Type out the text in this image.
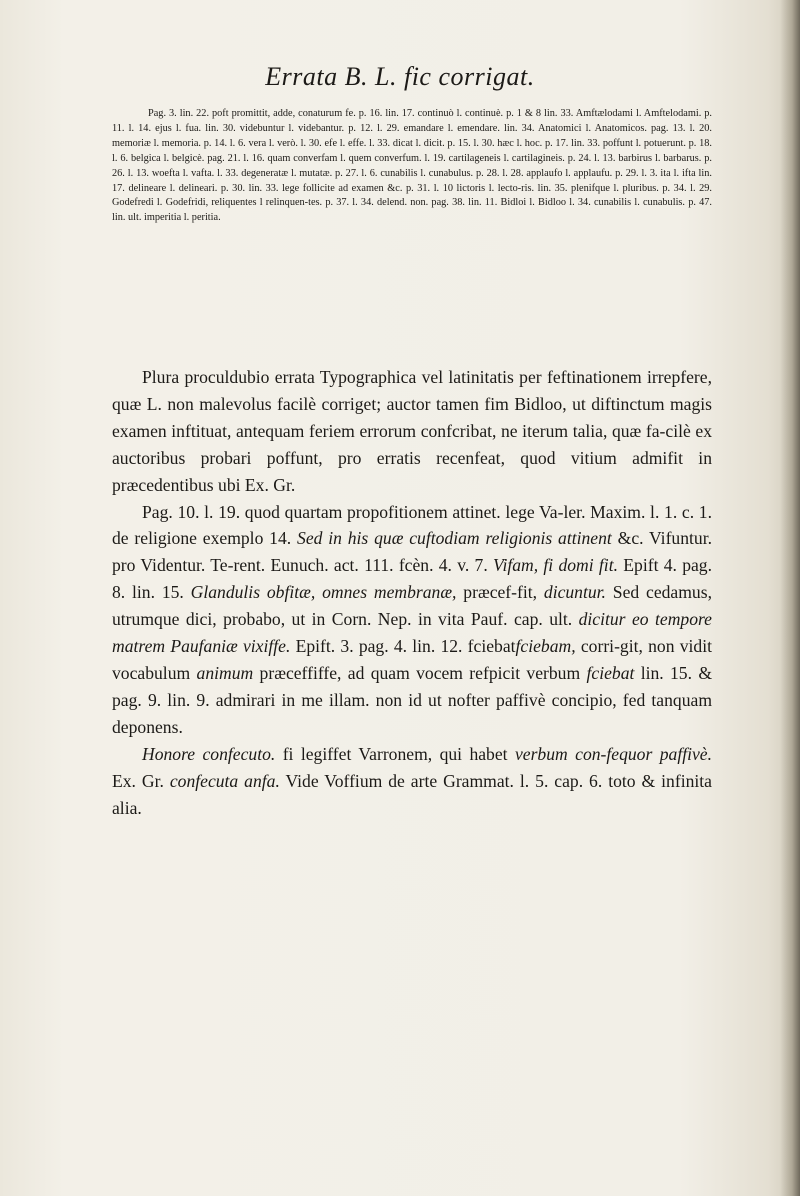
Errata B. L. fic corrigat.

Pag. 3. lin. 22. poft promittit, adde, conaturum fe. p. 16. lin. 17. continuò l. continuè. p. 1 & 8 lin. 33. Amftælodami l. Amftelodami. p. 11. l. 14. ejus l. fua. lin. 30. videbuntur l. videbantur. p. 12. l. 29. emandare l. emendare. lin. 34. Anatomici l. Anatomicos. pag. 13. l. 20. memoriæ l. memoria. p. 14. l. 6. vera l. verò. l. 30. efe l. effe. l. 33. dicat l. dicit. p. 15. l. 30. hæc l. hoc. p. 17. lin. 33. poffunt l. potuerunt. p. 18. l. 6. belgica l. belgicè. pag. 21. l. 16. quam converfam l. quem converfum. l. 19. cartilageneis l. cartilagineis. p. 24. l. 13. barbirus l. barbarus. p. 26. l. 13. woefta l. vafta. l. 33. degeneratæ l. mutatæ. p. 27. l. 6. cunabilis l. cunabulus. p. 28. l. 28. applaufo l. applaufu. p. 29. l. 3. ita l. ifta lin. 17. delineare l. delineari. p. 30. lin. 33. lege follicite ad examen &c. p. 31. l. 10 lictoris l. lecto-ris. lin. 35. plenifque l. pluribus. p. 34. l. 29. Godefredi l. Godefridi, reliquentes l relinquen-tes. p. 37. l. 34. delend. non. pag. 38. lin. 11. Bidloi l. Bidloo l. 34. cunabilis l. cunabulis. p. 47. lin. ult. imperitia l. peritia.

Plura proculdubio errata Typographica vel latinitatis per feftinationem irrepfere, quæ L. non malevolus facilè corriget; auctor tamen fim Bidloo, ut diftinctum magis examen inftituat, antequam feriem errorum confcribat, ne iterum talia, quæ fa-cilè ex auctoribus probari poffunt, pro erratis recenfeat, quod vitium admifit in præcedentibus ubi Ex. Gr.

Pag. 10. l. 19. quod quartam propofitionem attinet. lege Va-ler. Maxim. l. 1. c. 1. de religione exemplo 14. Sed in his quæ cuftodiam religionis attinent &c. Vifuntur. pro Videntur. Te-rent. Eunuch. act. 111. fcèn. 4. v. 7. Vifam, fi domi fit. Epift 4. pag. 8. lin. 15. Glandulis obfitæ, omnes membranæ, præcef-fit, dicuntur. Sed cedamus, utrumque dici, probabo, ut in Corn. Nep. in vita Pauf. cap. ult. dicitur eo tempore matrem Paufaniæ vixiffe. Epift. 3. pag. 4. lin. 12. fciebatfciebam, corri-git, non vidit vocabulum animum præceffiffe, ad quam vocem refpicit verbum fciebat lin. 15. & pag. 9. lin. 9. admirari in me illam. non id ut nofter paffivè concipio, fed tanquam deponens.

Honore confecuto. fi legiffet Varronem, qui habet verbum con-fequor paffivè. Ex. Gr. confecuta anfa. Vide Voffium de arte Grammat. l. 5. cap. 6. toto & infinita alia.
